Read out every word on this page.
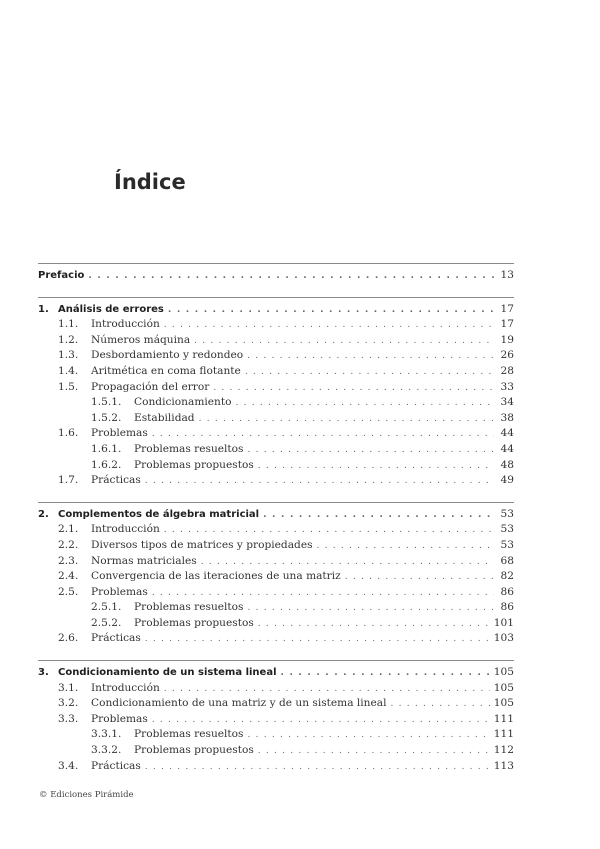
Índice
Prefacio . . .	13
1. Análisis de errores . . .	17
1.1.	Introducción . . .	17
1.2.	Números máquina . . .	19
1.3.	Desbordamiento y redondeo . . .	26
1.4.	Aritmética en coma flotante . . .	28
1.5.	Propagación del error . . .	33
1.5.1.	Condicionamiento . . .	34
1.5.2.	Estabilidad . . .	38
1.6.	Problemas . . .	44
1.6.1.	Problemas resueltos . . .	44
1.6.2.	Problemas propuestos . . .	48
1.7.	Prácticas . . .	49
2. Complementos de álgebra matricial . . .	53
2.1.	Introducción . . .	53
2.2.	Diversos tipos de matrices y propiedades . . .	53
2.3.	Normas matriciales . . .	68
2.4.	Convergencia de las iteraciones de una matriz . . .	82
2.5.	Problemas . . .	86
2.5.1.	Problemas resueltos . . .	86
2.5.2.	Problemas propuestos . . .	101
2.6.	Prácticas . . .	103
3. Condicionamiento de un sistema lineal . . .	105
3.1.	Introducción . . .	105
3.2.	Condicionamiento de una matriz y de un sistema lineal . . .	105
3.3.	Problemas . . .	111
3.3.1.	Problemas resueltos . . .	111
3.3.2.	Problemas propuestos . . .	112
3.4.	Prácticas . . .	113
© Ediciones Pirámide
